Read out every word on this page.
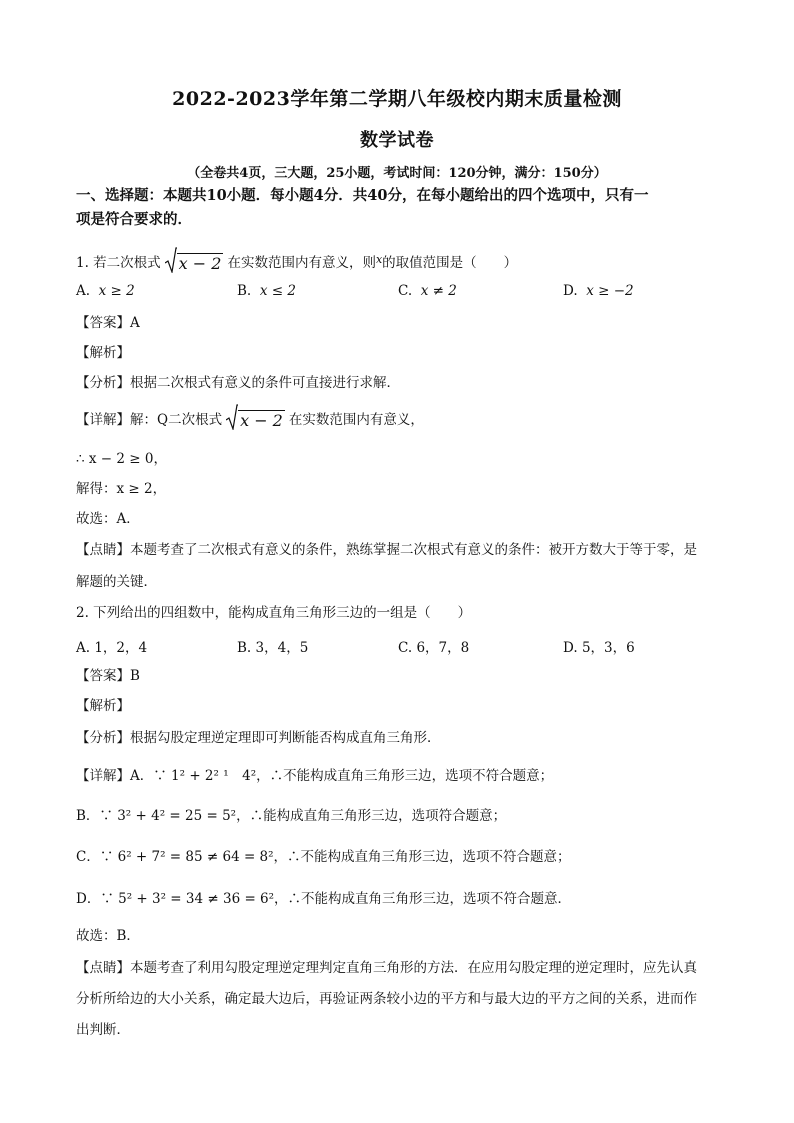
2022-2023学年第二学期八年级校内期末质量检测
数学试卷
（全卷共4页，三大题，25小题，考试时间：120分钟，满分：150分）
一、选择题：本题共10小题．每小题4分．共40分，在每小题给出的四个选项中，只有一
项是符合要求的．
1. 若二次根式 x − 2 在实数范围内有意义，则$^x$的取值范围是（　　）
A. x ≥ 2	B. x ≤ 2	C. x ≠ 2	D. x ≥ −2
【答案】A
【解析】
【分析】根据二次根式有意义的条件可直接进行求解．
【详解】解：Q二次根式 x − 2 在实数范围内有意义，
∴ x − 2 ≥ 0，
解得：x ≥ 2，
故选：A．
【点睛】本题考查了二次根式有意义的条件，熟练掌握二次根式有意义的条件：被开方数大于等于零，是
解题的关键．
2. 下列给出的四组数中，能构成直角三角形三边的一组是（　　）
A. 1，2，4	B. 3，4，5	C. 6，7，8	D. 5，3，6
【答案】B
【解析】
【分析】根据勾股定理逆定理即可判断能否构成直角三角形．
【详解】A．∵ 1² + 2² ¹　4²，∴不能构成直角三角形三边，选项不符合题意；
B．∵ 3² + 4² = 25 = 5²，∴能构成直角三角形三边，选项符合题意；
C．∵ 6² + 7² = 85 ≠ 64 = 8²，∴不能构成直角三角形三边，选项不符合题意；
D．∵ 5² + 3² = 34 ≠ 36 = 6²，∴不能构成直角三角形三边，选项不符合题意．
故选：B．
【点睛】本题考查了利用勾股定理逆定理判定直角三角形的方法．在应用勾股定理的逆定理时，应先认真
分析所给边的大小关系，确定最大边后，再验证两条较小边的平方和与最大边的平方之间的关系，进而作
出判断．
